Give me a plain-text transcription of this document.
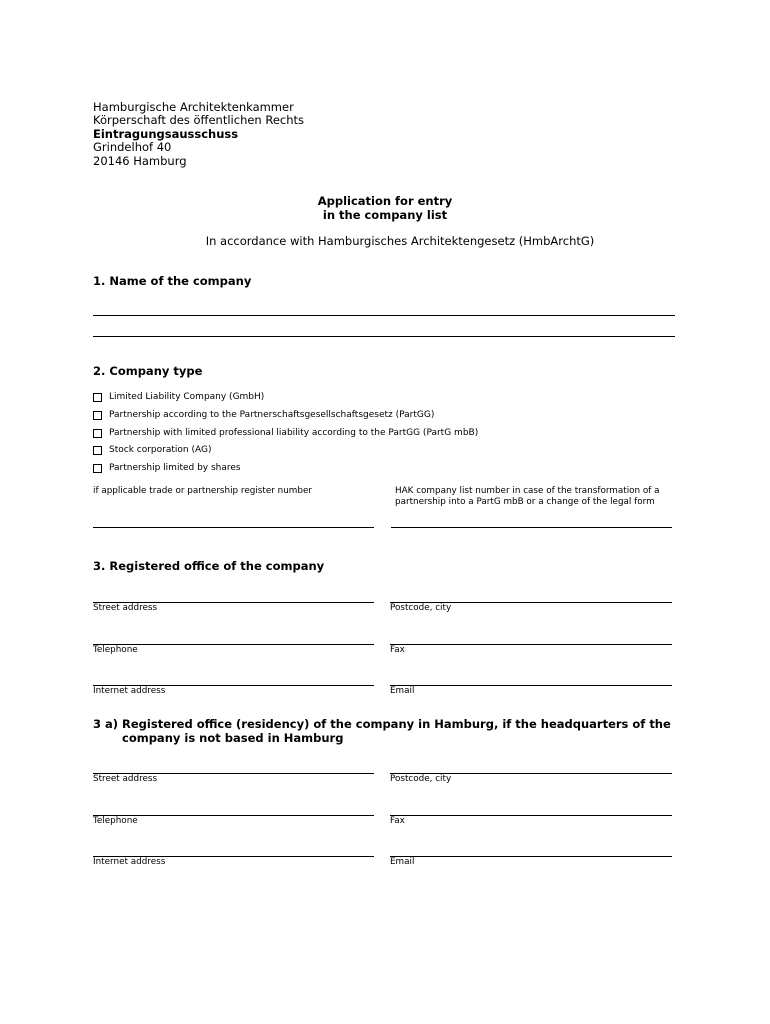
Hamburgische Architektenkammer
Körperschaft des öffentlichen Rechts
Eintragungsausschuss
Grindelhof 40
20146 Hamburg
Application for entry
in the company list
In accordance with Hamburgisches Architektengesetz (HmbArchtG)
1. Name of the company
2. Company type
Limited Liability Company (GmbH)
Partnership according to the Partnerschaftsgesellschaftsgesetz (PartGG)
Partnership with limited professional liability according to the PartGG (PartG mbB)
Stock corporation (AG)
Partnership limited by shares
if applicable trade or partnership register number	HAK company list number in case of the transformation of a
partnership into a PartG mbB or a change of the legal form
3. Registered office of the company
Street address	Postcode, city
Telephone	Fax
Internet address	Email
3 a) Registered office (residency) of the company in Hamburg, if the headquarters of the
company is not based in Hamburg
Street address	Postcode, city
Telephone	Fax
Internet address	Email
